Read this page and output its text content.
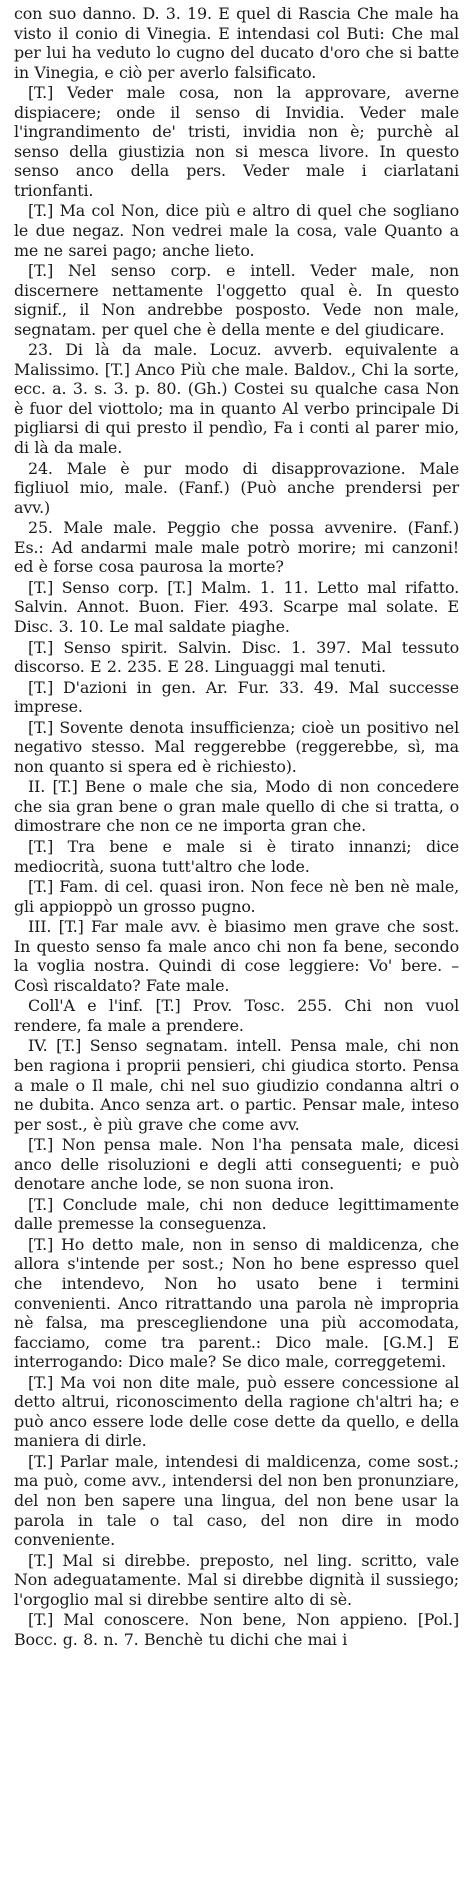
con suo danno. D. 3. 19. E quel di Rascia Che male ha visto il conio di Vinegia. E intendasi col Buti: Che mal per lui ha veduto lo cugno del ducato d'oro che si batte in Vinegia, e ciò per averlo falsificato.

[T.] Veder male cosa, non la approvare, averne dispiacere; onde il senso di Invidia. Veder male l'ingrandimento de' tristi, invidia non è; purchè al senso della giustizia non si mesca livore. In questo senso anco della pers. Veder male i ciarlatani trionfanti.

[T.] Ma col Non, dice più e altro di quel che sogliano le due negaz. Non vedrei male la cosa, vale Quanto a me ne sarei pago; anche lieto.

[T.] Nel senso corp. e intell. Veder male, non discernere nettamente l'oggetto qual è. In questo signif., il Non andrebbe posposto. Vede non male, segnatam. per quel che è della mente e del giudicare.

23. Di là da male. Locuz. avverb. equivalente a Malissimo. [T.] Anco Più che male. Baldov., Chi la sorte, ecc. a. 3. s. 3. p. 80. (Gh.) Costei su qualche casa Non è fuor del viottolo; ma in quanto Al verbo principale Di pigliarsi di qui presto il pendìo, Fa i conti al parer mio, di là da male.

24. Male è pur modo di disapprovazione. Male figliuol mio, male. (Fanf.) (Può anche prendersi per avv.)

25. Male male. Peggio che possa avvenire. (Fanf.) Es.: Ad andarmi male male potrò morire; mi canzoni! ed è forse cosa paurosa la morte?

[T.] Senso corp. [T.] Malm. 1. 11. Letto mal rifatto. Salvin. Annot. Buon. Fier. 493. Scarpe mal solate. E Disc. 3. 10. Le mal saldate piaghe.

[T.] Senso spirit. Salvin. Disc. 1. 397. Mal tessuto discorso. E 2. 235. E 28. Linguaggi mal tenuti.

[T.] D'azioni in gen. Ar. Fur. 33. 49. Mal successe imprese.

[T.] Sovente denota insufficienza; cioè un positivo nel negativo stesso. Mal reggerebbe (reggerebbe, sì, ma non quanto si spera ed è richiesto).

II. [T.] Bene o male che sia, Modo di non concedere che sia gran bene o gran male quello di che si tratta, o dimostrare che non ce ne importa gran che.

[T.] Tra bene e male si è tirato innanzi; dice mediocrità, suona tutt'altro che lode.

[T.] Fam. di cel. quasi iron. Non fece nè ben nè male, gli appioppò un grosso pugno.

III. [T.] Far male avv. è biasimo men grave che sost. In questo senso fa male anco chi non fa bene, secondo la voglia nostra. Quindi di cose leggiere: Vo' bere. – Così riscaldato? Fate male.

Coll'A e l'inf. [T.] Prov. Tosc. 255. Chi non vuol rendere, fa male a prendere.

IV. [T.] Senso segnatam. intell. Pensa male, chi non ben ragiona i proprii pensieri, chi giudica storto. Pensa a male o Il male, chi nel suo giudizio condanna altri o ne dubita. Anco senza art. o partic. Pensar male, inteso per sost., è più grave che come avv.

[T.] Non pensa male. Non l'ha pensata male, dicesi anco delle risoluzioni e degli atti conseguenti; e può denotare anche lode, se non suona iron.

[T.] Conclude male, chi non deduce legittimamente dalle premesse la conseguenza.

[T.] Ho detto male, non in senso di maldicenza, che allora s'intende per sost.; Non ho bene espresso quel che intendevo, Non ho usato bene i termini convenienti. Anco ritrattando una parola nè impropria nè falsa, ma prescegliendone una più accomodata, facciamo, come tra parent.: Dico male. [G.M.] E interrogando: Dico male? Se dico male, correggetemi.

[T.] Ma voi non dite male, può essere concessione al detto altrui, riconoscimento della ragione ch'altri ha; e può anco essere lode delle cose dette da quello, e della maniera di dirle.

[T.] Parlar male, intendesi di maldicenza, come sost.; ma può, come avv., intendersi del non ben pronunziare, del non ben sapere una lingua, del non bene usar la parola in tale o tal caso, del non dire in modo conveniente.

[T.] Mal si direbbe. preposto, nel ling. scritto, vale Non adeguatamente. Mal si direbbe dignità il sussiego; l'orgoglio mal si direbbe sentire alto di sè.

[T.] Mal conoscere. Non bene, Non appieno. [Pol.] Bocc. g. 8. n. 7. Benchè tu dichi che mai i
